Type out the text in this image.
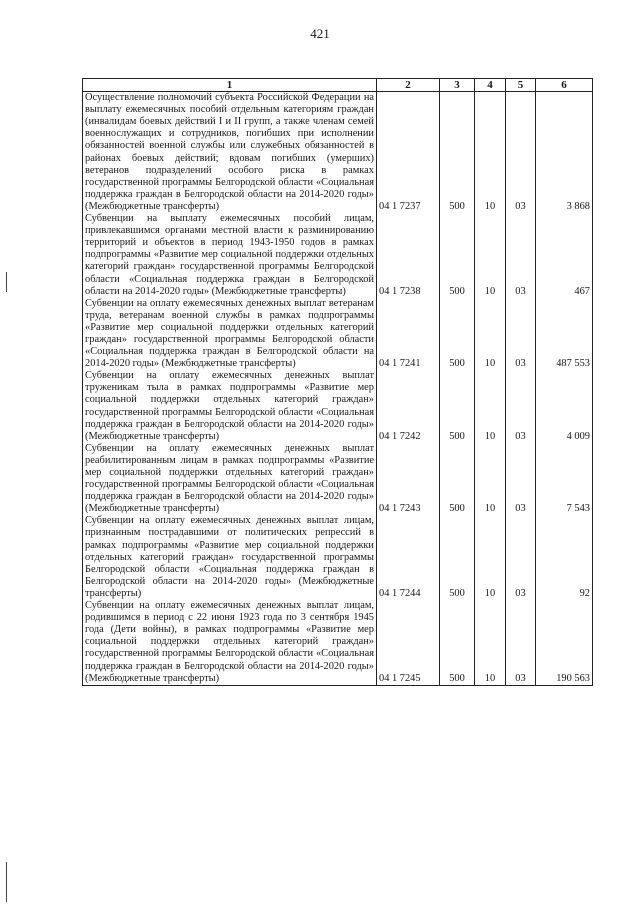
421
1	2	3	4	5	6
Осуществление полномочий субъекта Российской Федерации на выплату ежемесячных пособий отдельным категориям граждан (инвалидам боевых действий I и II групп, а также членам семей военнослужащих и сотрудников, погибших при исполнении обязанностей военной службы или служебных обязанностей в районах боевых действий; вдовам погибших (умерших) ветеранов подразделений особого риска в рамках государственной программы Белгородской области «Социальная поддержка граждан в Белгородской области на 2014-2020 годы» (Межбюджетные трансферты)	04 1 7237	500	10	03	3 868
Субвенции на выплату ежемесячных пособий лицам, привлекавшимся органами местной власти к разминированию территорий и объектов в период 1943-1950 годов в рамках подпрограммы «Развитие мер социальной поддержки отдельных категорий граждан» государственной программы Белгородской области «Социальная поддержка граждан в Белгородской области на 2014-2020 годы» (Межбюджетные трансферты)	04 1 7238	500	10	03	467
Субвенции на оплату ежемесячных денежных выплат ветеранам труда, ветеранам военной службы в рамках подпрограммы «Развитие мер социальной поддержки отдельных категорий граждан» государственной программы Белгородской области «Социальная поддержка граждан в Белгородской области на 2014-2020 годы» (Межбюджетные трансферты)	04 1 7241	500	10	03	487 553
Субвенции на оплату ежемесячных денежных выплат труженикам тыла в рамках подпрограммы «Развитие мер социальной поддержки отдельных категорий граждан» государственной программы Белгородской области «Социальная поддержка граждан в Белгородской области на 2014-2020 годы» (Межбюджетные трансферты)	04 1 7242	500	10	03	4 009
Субвенции на оплату ежемесячных денежных выплат реабилитированным лицам в рамках подпрограммы «Развитие мер социальной поддержки отдельных категорий граждан» государственной программы Белгородской области «Социальная поддержка граждан в Белгородской области на 2014-2020 годы» (Межбюджетные трансферты)	04 1 7243	500	10	03	7 543
Субвенции на оплату ежемесячных денежных выплат лицам, признанным пострадавшими от политических репрессий в рамках подпрограммы «Развитие мер социальной поддержки отдельных категорий граждан» государственной программы Белгородской области «Социальная поддержка граждан в Белгородской области на 2014-2020 годы» (Межбюджетные трансферты)	04 1 7244	500	10	03	92
Субвенции на оплату ежемесячных денежных выплат лицам, родившимся в период с 22 июня 1923 года по 3 сентября 1945 года (Дети войны), в рамках подпрограммы «Развитие мер социальной поддержки отдельных категорий граждан» государственной программы Белгородской области «Социальная поддержка граждан в Белгородской области на 2014-2020 годы» (Межбюджетные трансферты)	04 1 7245	500	10	03	190 563
